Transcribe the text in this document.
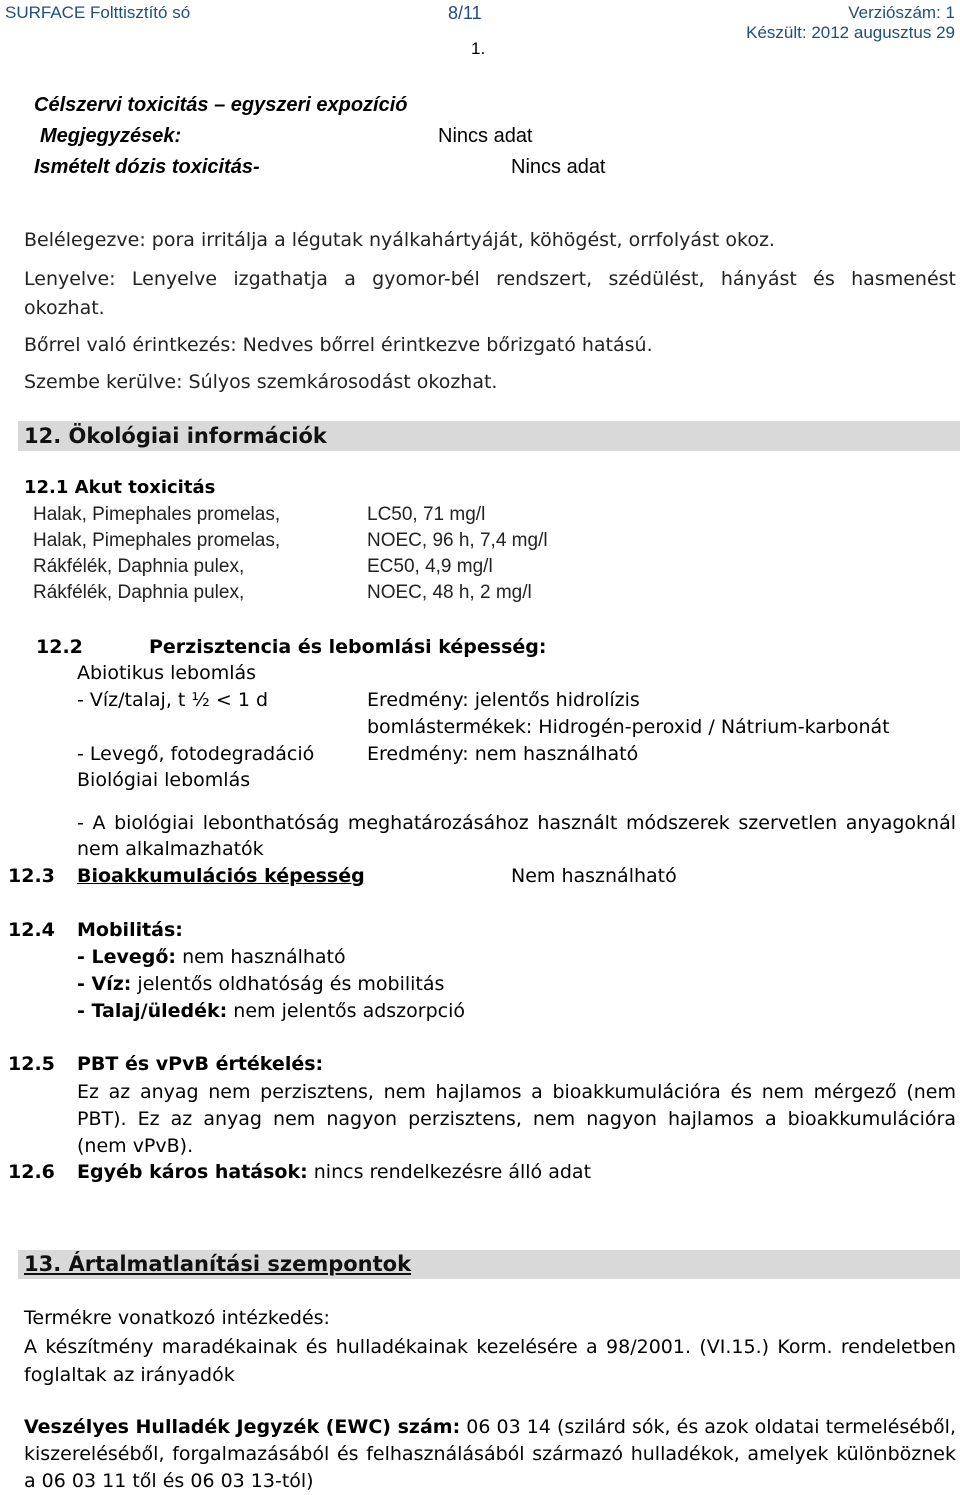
SURFACE Folttisztító só	8/11	Verziószám: 1
Készült: 2012 augusztus 29
1.
Célszervi toxicitás – egyszeri expozíció
Megjegyzések:	Nincs adat
Ismételt dózis toxicitás-	Nincs adat
Belélegezve: pora irritálja a légutak nyálkahártyáját, köhögést, orrfolyást okoz.
Lenyelve: Lenyelve izgathatja a gyomor-bél rendszert, szédülést, hányást és hasmenést okozhat.
Bőrrel való érintkezés: Nedves bőrrel érintkezve bőrizgató hatású.
Szembe kerülve: Súlyos szemkárosodást okozhat.
12. Ökológiai információk
12.1 Akut toxicitás
Halak, Pimephales promelas,	LC50, 71 mg/l
Halak, Pimephales promelas,	NOEC, 96 h, 7,4 mg/l
Rákfélék, Daphnia pulex,	EC50, 4,9 mg/l
Rákfélék, Daphnia pulex,	NOEC, 48 h, 2 mg/l
12.2	Perzisztencia és lebomlási képesség:
Abiotikus lebomlás
- Víz/talaj, t ½ < 1 d	Eredmény: jelentős hidrolízis
bomlástermékek: Hidrogén-peroxid / Nátrium-karbonát
- Levegő, fotodegradáció	Eredmény: nem használható
Biológiai lebomlás
- A biológiai lebonthatóság meghatározásához használt módszerek szervetlen anyagoknál nem alkalmazhatók
12.3 Bioakkumulációs képesség	Nem használható
12.4 Mobilitás:
- Levegő: nem használható
- Víz: jelentős oldhatóság és mobilitás
- Talaj/üledék: nem jelentős adszorpció
12.5 PBT és vPvB értékelés:
Ez az anyag nem perzisztens, nem hajlamos a bioakkumulációra és nem mérgező (nem PBT). Ez az anyag nem nagyon perzisztens, nem nagyon hajlamos a bioakkumulációra (nem vPvB).
12.6 Egyéb káros hatások: nincs rendelkezésre álló adat
13. Ártalmatlanítási szempontok
Termékre vonatkozó intézkedés:
A készítmény maradékainak és hulladékainak kezelésére a 98/2001. (VI.15.) Korm. rendeletben foglaltak az irányadók
Veszélyes Hulladék Jegyzék (EWC) szám: 06 03 14 (szilárd sók, és azok oldatai termeléséből, kiszereléséből, forgalmazásából és felhasználásából származó hulladékok, amelyek különböznek a 06 03 11 től és 06 03 13-tól)
